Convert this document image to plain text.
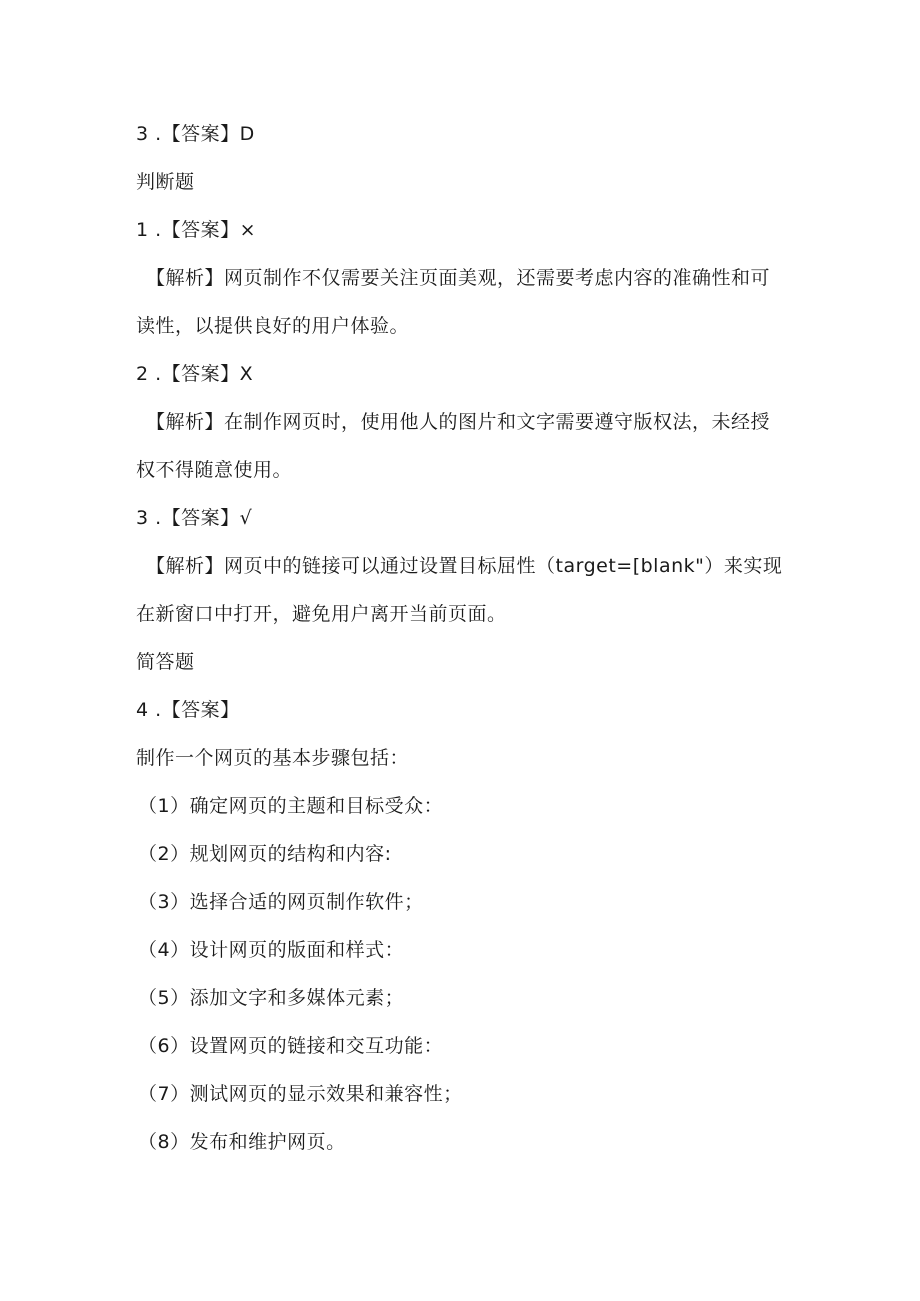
3 .【答案】D
判断题
1 .【答案】×
【解析】网页制作不仅需要关注页面美观，还需要考虑内容的准确性和可
读性，以提供良好的用户体验。
2 .【答案】X
【解析】在制作网页时，使用他人的图片和文字需要遵守版权法，未经授
权不得随意使用。
3 .【答案】√
【解析】网页中的链接可以通过设置目标屈性（target=[blank"）来实现
在新窗口中打开，避免用户离开当前页面。
简答题
4 .【答案】
制作一个网页的基本步骤包括：
（1）确定网页的主题和目标受众：
（2）规划网页的结构和内容:
（3）选择合适的网页制作软件；
（4）设计网页的版面和样式：
（5）添加文字和多媒体元素；
（6）设置网页的链接和交互功能：
（7）测试网页的显示效果和兼容性；
（8）发布和维护网页。
